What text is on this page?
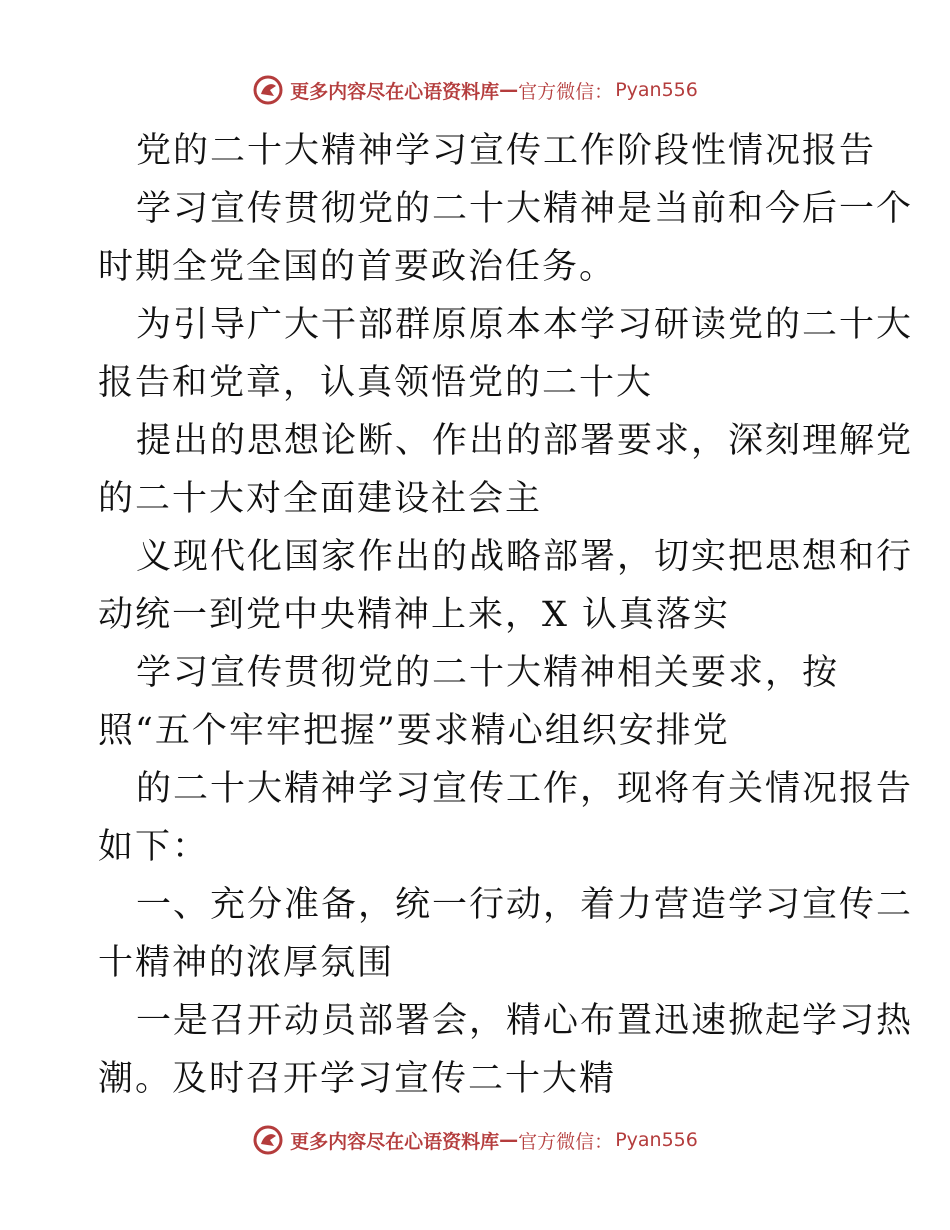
更多内容尽在心语资料库 — 官方微信： Pyan556
党的二十大精神学习宣传工作阶段性情况报告
学习宣传贯彻党的二十大精神是当前和今后一个
时期全党全国的首要政治任务。
为引导广大干部群原原本本学习研读党的二十大
报告和党章，认真领悟党的二十大
提出的思想论断、作出的部署要求，深刻理解党
的二十大对全面建设社会主
义现代化国家作出的战略部署，切实把思想和行
动统一到党中央精神上来，X 认真落实
学习宣传贯彻党的二十大精神相关要求，按
照“五个牢牢把握”要求精心组织安排党
的二十大精神学习宣传工作，现将有关情况报告
如下：
一、充分准备，统一行动，着力营造学习宣传二
十精神的浓厚氛围
一是召开动员部署会，精心布置迅速掀起学习热
潮。及时召开学习宣传二十大精
更多内容尽在心语资料库 — 官方微信： Pyan556
